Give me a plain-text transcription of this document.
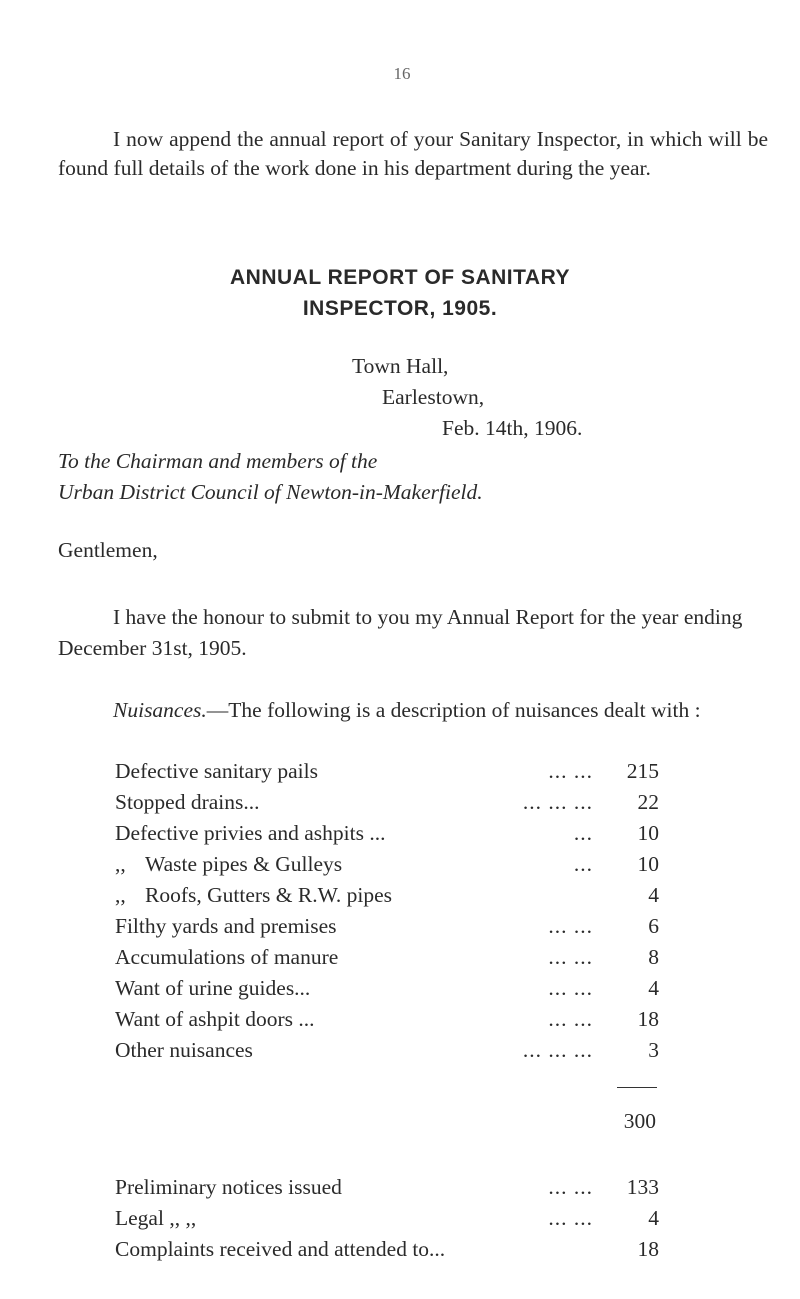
16

I now append the annual report of your Sanitary Inspector, in which will be found full details of the work done in his department during the year.

ANNUAL REPORT OF SANITARY
INSPECTOR, 1905.
Town Hall,
Earlestown,
Feb. 14th, 1906.
To the Chairman and members of the
Urban District Council of Newton-in-Makerfield.
Gentlemen,

I have the honour to submit to you my Annual Report for the year ending December 31st, 1905.

Nuisances.—The following is a description of nuisances dealt with :

Defective sanitary pails	... ...	215
Stopped drains...	... ... ...	22
Defective privies and ashpits ...	...	10
,, Waste pipes & Gulleys	...	10
,, Roofs, Gutters & R.W. pipes	4
Filthy yards and premises	... ...	6
Accumulations of manure	... ...	8
Want of urine guides...	... ...	4
Want of ashpit doors ...	... ...	18
Other nuisances	... ... ...	3
300
Preliminary notices issued	... ...	133
Legal ,, ,,	... ...	4
Complaints received and attended to...	18
